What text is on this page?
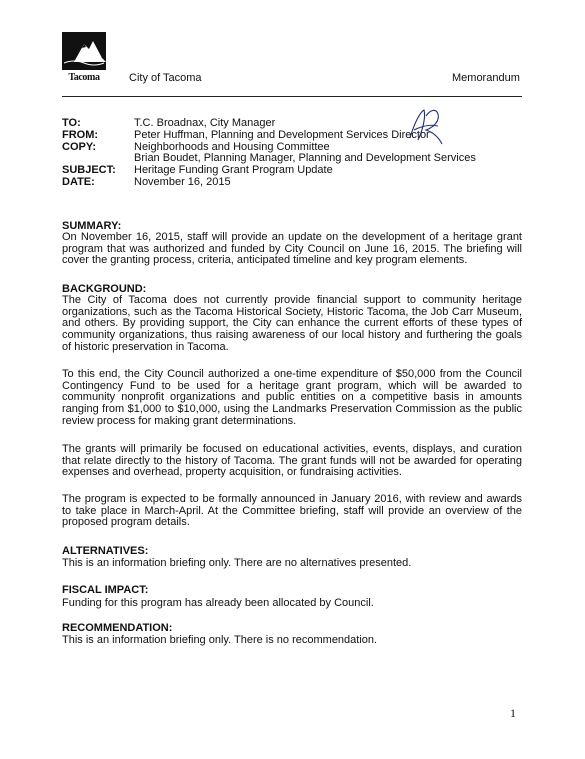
Tacoma	City of Tacoma	Memorandum
TO:	T.C. Broadnax, City Manager
FROM:	Peter Huffman, Planning and Development Services Director
COPY:	Neighborhoods and Housing Committee
Brian Boudet, Planning Manager, Planning and Development Services
SUBJECT:	Heritage Funding Grant Program Update
DATE:	November 16, 2015

SUMMARY:

On November 16, 2015, staff will provide an update on the development of a heritage grant program that was authorized and funded by City Council on June 16, 2015. The briefing will cover the granting process, criteria, anticipated timeline and key program elements.

BACKGROUND:

The City of Tacoma does not currently provide financial support to community heritage organizations, such as the Tacoma Historical Society, Historic Tacoma, the Job Carr Museum, and others. By providing support, the City can enhance the current efforts of these types of community organizations, thus raising awareness of our local history and furthering the goals of historic preservation in Tacoma.

To this end, the City Council authorized a one-time expenditure of $50,000 from the Council Contingency Fund to be used for a heritage grant program, which will be awarded to community nonprofit organizations and public entities on a competitive basis in amounts ranging from $1,000 to $10,000, using the Landmarks Preservation Commission as the public review process for making grant determinations.

The grants will primarily be focused on educational activities, events, displays, and curation that relate directly to the history of Tacoma. The grant funds will not be awarded for operating expenses and overhead, property acquisition, or fundraising activities.

The program is expected to be formally announced in January 2016, with review and awards to take place in March-April. At the Committee briefing, staff will provide an overview of the proposed program details.

ALTERNATIVES:

This is an information briefing only. There are no alternatives presented.

FISCAL IMPACT:

Funding for this program has already been allocated by Council.

RECOMMENDATION:

This is an information briefing only. There is no recommendation.

1
